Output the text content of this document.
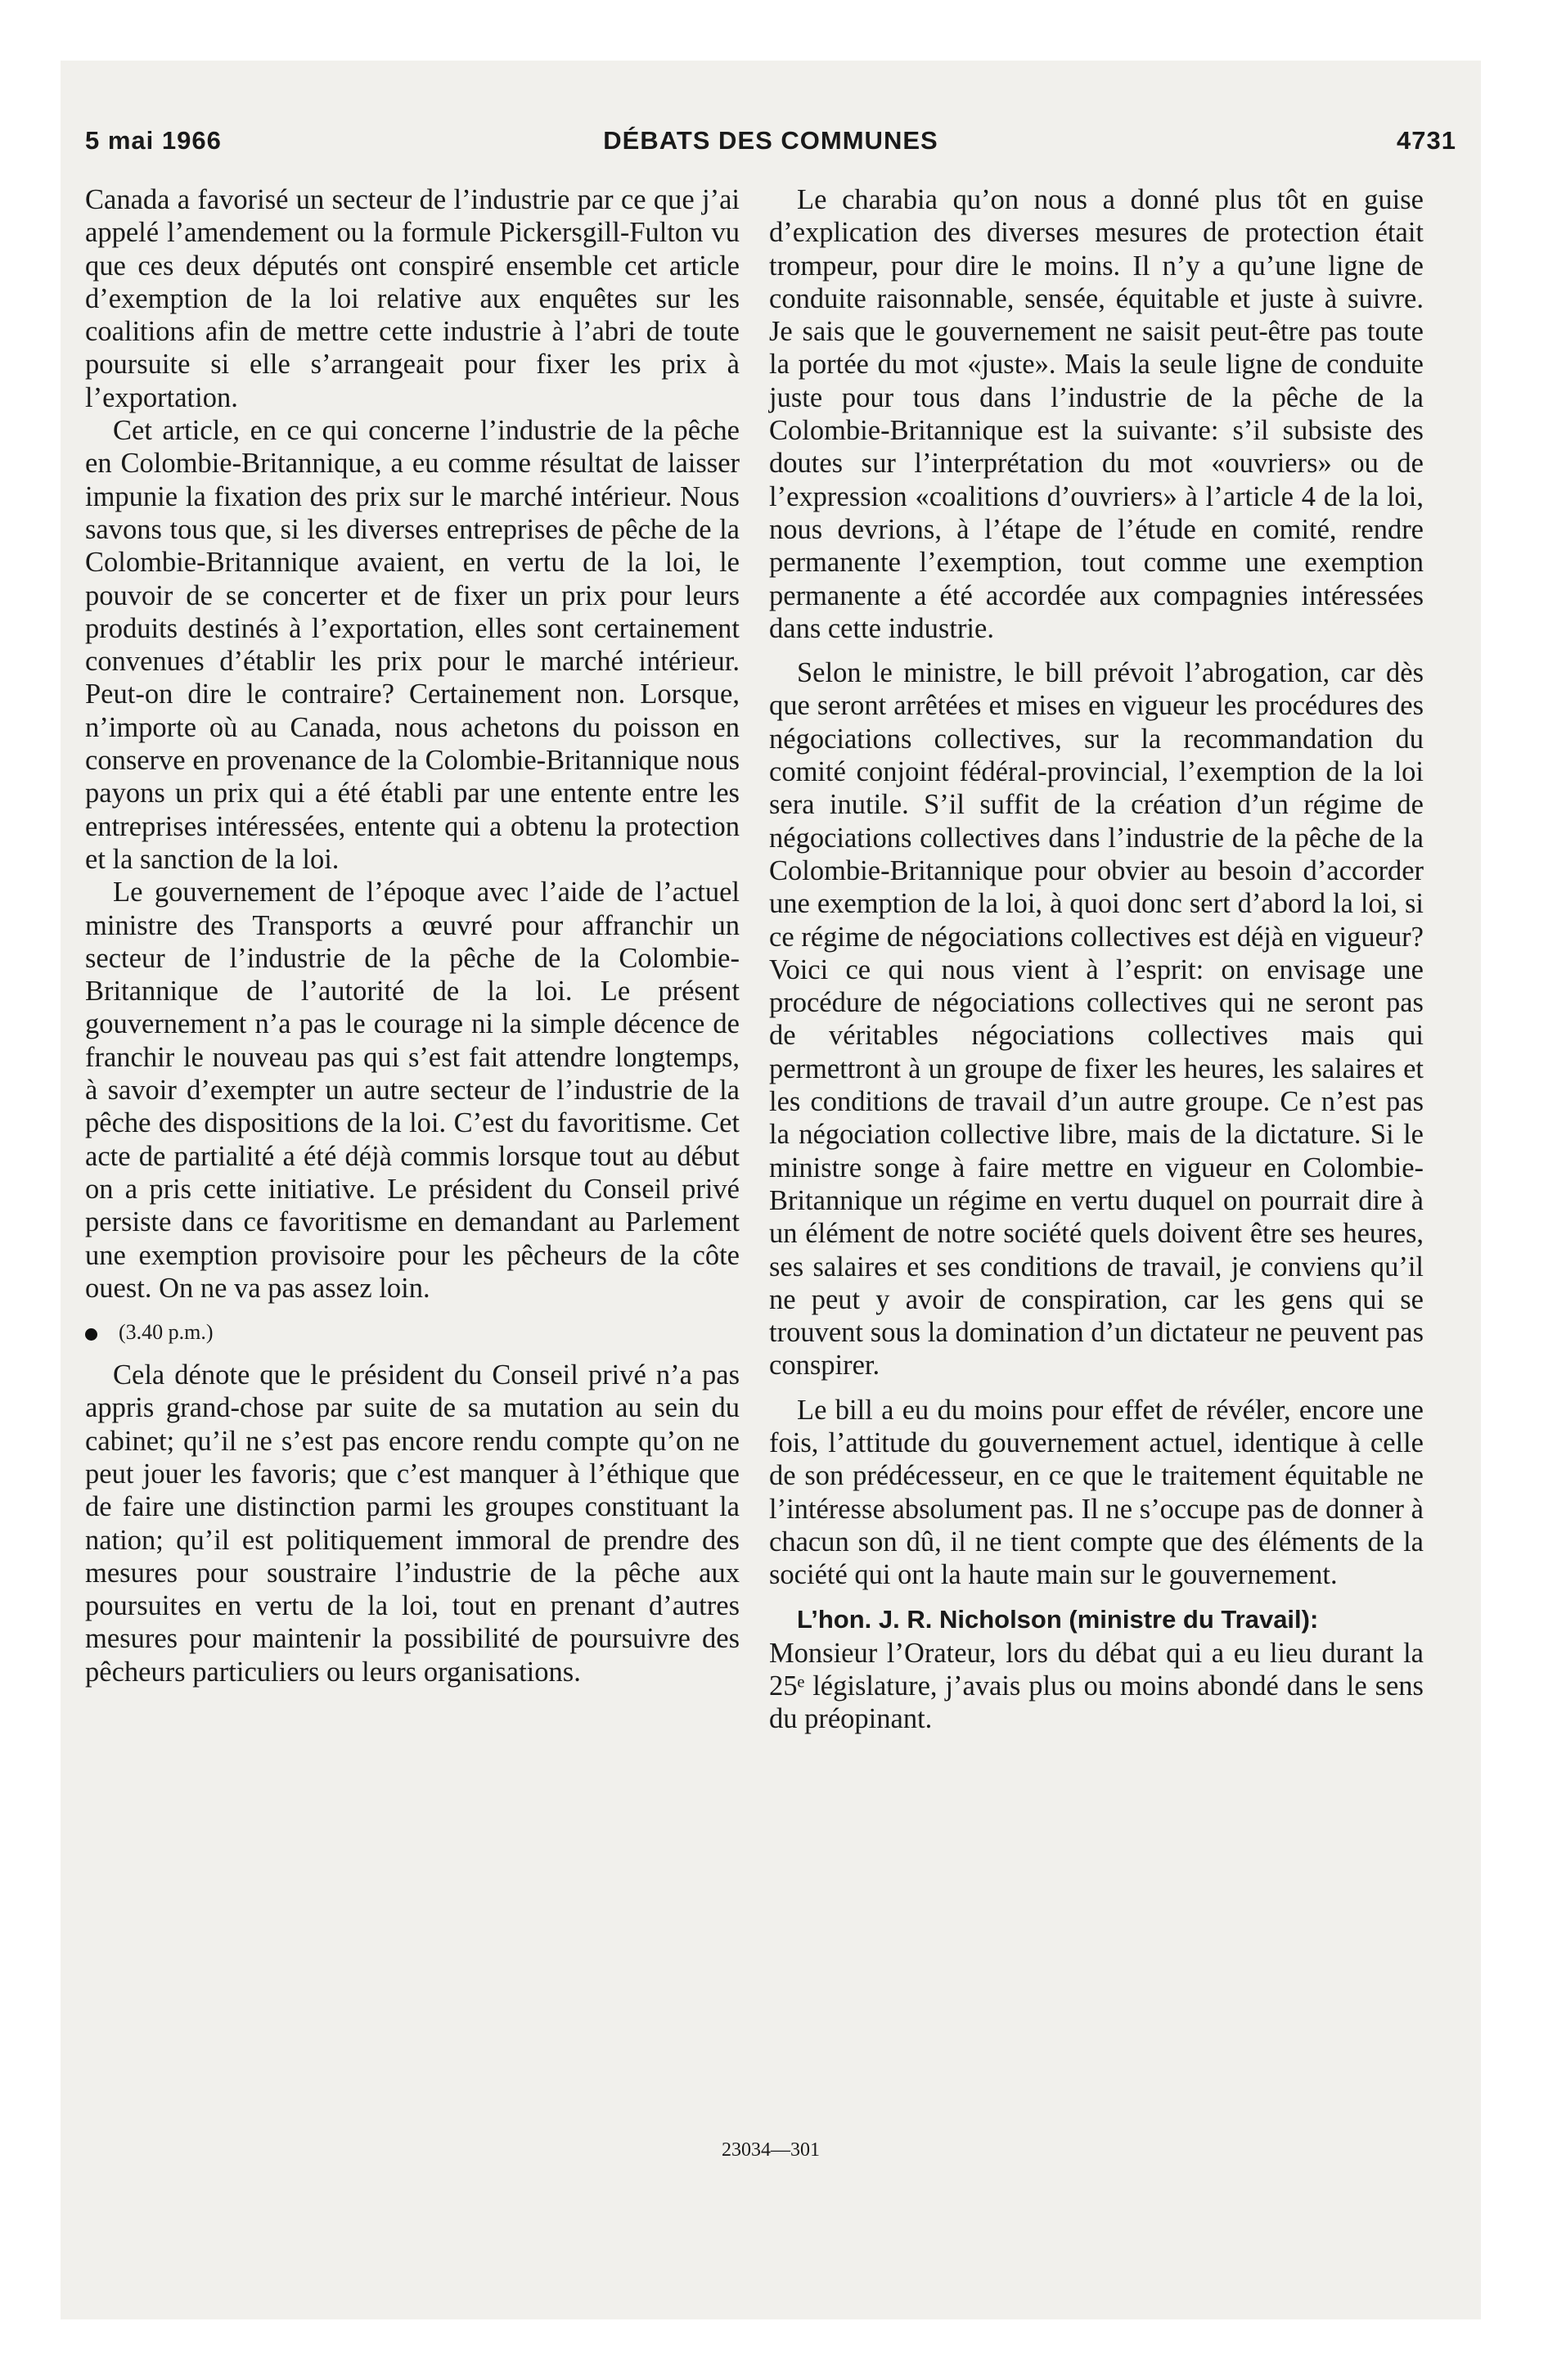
5 mai 1966	DÉBATS DES COMMUNES	4731

Canada a favorisé un secteur de l’industrie par ce que j’ai appelé l’amendement ou la formule Pickersgill-Fulton vu que ces deux députés ont conspiré ensemble cet article d’exemption de la loi relative aux enquêtes sur les coalitions afin de mettre cette industrie à l’abri de toute poursuite si elle s’arrangeait pour fixer les prix à l’exportation.

Cet article, en ce qui concerne l’industrie de la pêche en Colombie-Britannique, a eu comme résultat de laisser impunie la fixation des prix sur le marché intérieur. Nous savons tous que, si les diverses entreprises de pêche de la Colombie-Britannique avaient, en vertu de la loi, le pouvoir de se concerter et de fixer un prix pour leurs produits destinés à l’exportation, elles sont certainement convenues d’établir les prix pour le marché intérieur. Peut-on dire le contraire? Certainement non. Lorsque, n’importe où au Canada, nous achetons du poisson en conserve en provenance de la Colombie-Britannique nous payons un prix qui a été établi par une entente entre les entreprises intéressées, entente qui a obtenu la protection et la sanction de la loi.

Le gouvernement de l’époque avec l’aide de l’actuel ministre des Transports a œuvré pour affranchir un secteur de l’industrie de la pêche de la Colombie-Britannique de l’autorité de la loi. Le présent gouvernement n’a pas le courage ni la simple décence de franchir le nouveau pas qui s’est fait attendre longtemps, à savoir d’exempter un autre secteur de l’industrie de la pêche des dispositions de la loi. C’est du favoritisme. Cet acte de partialité a été déjà commis lorsque tout au début on a pris cette initiative. Le président du Conseil privé persiste dans ce favoritisme en demandant au Parlement une exemption provisoire pour les pêcheurs de la côte ouest. On ne va pas assez loin.

(3.40 p.m.)

Cela dénote que le président du Conseil privé n’a pas appris grand-chose par suite de sa mutation au sein du cabinet; qu’il ne s’est pas encore rendu compte qu’on ne peut jouer les favoris; que c’est manquer à l’éthique que de faire une distinction parmi les groupes constituant la nation; qu’il est politiquement immoral de prendre des mesures pour soustraire l’industrie de la pêche aux poursuites en vertu de la loi, tout en prenant d’autres mesures pour maintenir la possibilité de poursuivre des pêcheurs particuliers ou leurs organisations.

Le charabia qu’on nous a donné plus tôt en guise d’explication des diverses mesures de protection était trompeur, pour dire le moins. Il n’y a qu’une ligne de conduite raisonnable, sensée, équitable et juste à suivre. Je sais que le gouvernement ne saisit peut-être pas toute la portée du mot «juste». Mais la seule ligne de conduite juste pour tous dans l’industrie de la pêche de la Colombie-Britannique est la suivante: s’il subsiste des doutes sur l’interprétation du mot «ouvriers» ou de l’expression «coalitions d’ouvriers» à l’article 4 de la loi, nous devrions, à l’étape de l’étude en comité, rendre permanente l’exemption, tout comme une exemption permanente a été accordée aux compagnies intéressées dans cette industrie.

Selon le ministre, le bill prévoit l’abrogation, car dès que seront arrêtées et mises en vigueur les procédures des négociations collectives, sur la recommandation du comité conjoint fédéral-provincial, l’exemption de la loi sera inutile. S’il suffit de la création d’un régime de négociations collectives dans l’industrie de la pêche de la Colombie-Britannique pour obvier au besoin d’accorder une exemption de la loi, à quoi donc sert d’abord la loi, si ce régime de négociations collectives est déjà en vigueur? Voici ce qui nous vient à l’esprit: on envisage une procédure de négociations collectives qui ne seront pas de véritables négociations collectives mais qui permettront à un groupe de fixer les heures, les salaires et les conditions de travail d’un autre groupe. Ce n’est pas la négociation collective libre, mais de la dictature. Si le ministre songe à faire mettre en vigueur en Colombie-Britannique un régime en vertu duquel on pourrait dire à un élément de notre société quels doivent être ses heures, ses salaires et ses conditions de travail, je conviens qu’il ne peut y avoir de conspiration, car les gens qui se trouvent sous la domination d’un dictateur ne peuvent pas conspirer.

Le bill a eu du moins pour effet de révéler, encore une fois, l’attitude du gouvernement actuel, identique à celle de son prédécesseur, en ce que le traitement équitable ne l’intéresse absolument pas. Il ne s’occupe pas de donner à chacun son dû, il ne tient compte que des éléments de la société qui ont la haute main sur le gouvernement.

L’hon. J. R. Nicholson (ministre du Travail):

Monsieur l’Orateur, lors du débat qui a eu lieu durant la 25ᵉ législature, j’avais plus ou moins abondé dans le sens du préopinant.

23034—301
